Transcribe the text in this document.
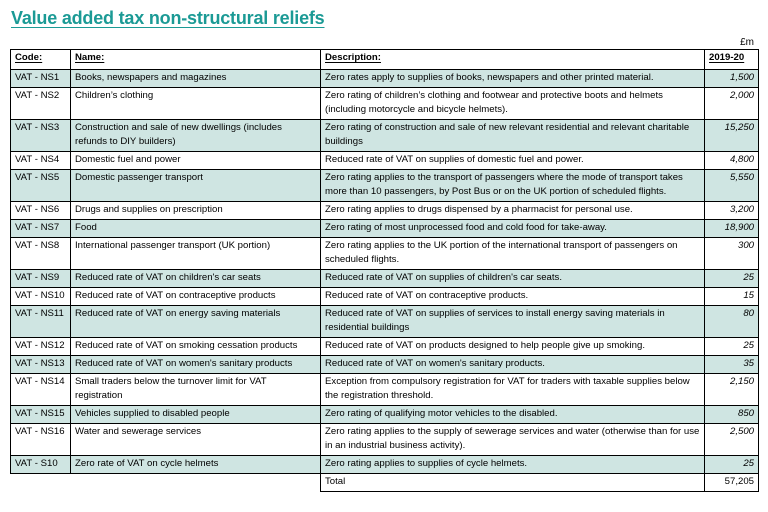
Value added tax non-structural reliefs
£m
Code:	Name:	Description:	2019-20
VAT - NS1	Books, newspapers and magazines	Zero rates apply to supplies of books, newspapers and other printed material.	1,500
VAT - NS2	Children’s clothing	Zero rating of children’s clothing and footwear and protective boots and helmets (including motorcycle and bicycle helmets).	2,000
VAT - NS3	Construction and sale of new dwellings (includes refunds to DIY builders)	Zero rating of construction and sale of new relevant residential and relevant charitable buildings	15,250
VAT - NS4	Domestic fuel and power	Reduced rate of VAT on supplies of domestic fuel and power.	4,800
VAT - NS5	Domestic passenger transport	Zero rating applies to the transport of passengers where the mode of transport takes more than 10 passengers, by Post Bus or on the UK portion of scheduled flights.	5,550
VAT - NS6	Drugs and supplies on prescription	Zero rating applies to drugs dispensed by a pharmacist for personal use.	3,200
VAT - NS7	Food	Zero rating of most unprocessed food and cold food for take-away.	18,900
VAT - NS8	International passenger transport (UK portion)	Zero rating applies to the UK portion of the international transport of passengers on scheduled flights.	300
VAT - NS9	Reduced rate of VAT on children's car seats	Reduced rate of VAT on supplies of children's car seats.	25
VAT - NS10	Reduced rate of VAT on contraceptive products	Reduced rate of VAT on contraceptive products.	15
VAT - NS11	Reduced rate of VAT on energy saving materials	Reduced rate of VAT on supplies of services to install energy saving materials in residential buildings	80
VAT - NS12	Reduced rate of VAT on smoking cessation products	Reduced rate of VAT on products designed to help people give up smoking.	25
VAT - NS13	Reduced rate of VAT on women's sanitary products	Reduced rate of VAT on women's sanitary products.	35
VAT - NS14	Small traders below the turnover limit for VAT registration	Exception from compulsory registration for VAT for traders with taxable supplies below the registration threshold.	2,150
VAT - NS15	Vehicles supplied to disabled people	Zero rating of qualifying motor vehicles to the disabled.	850
VAT - NS16	Water and sewerage services	Zero rating applies to the supply of sewerage services and water (otherwise than for use in an industrial business activity).	2,500
VAT - S10	Zero rate of VAT on cycle helmets	Zero rating applies to supplies of cycle helmets.	25
		Total	57,205
